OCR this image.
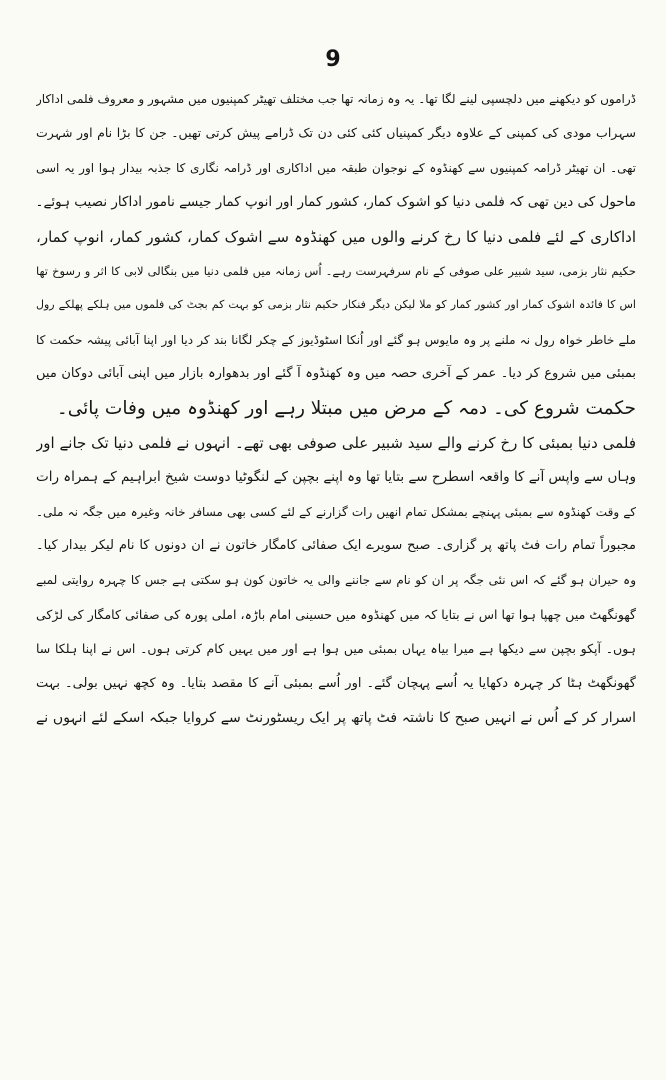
9
ڈراموں کو دیکھنے میں دلچسپی لینے لگا تھا۔ یہ وہ زمانہ تھا جب مختلف تھیٹر کمپنیوں میں مشہور و معروف فلمی اداکار
سہراب مودی کی کمپنی کے علاوہ دیگر کمپنیاں کئی کئی دن تک ڈرامے پیش کرتی تھیں۔ جن کا بڑا نام اور شہرت
تھی۔ ان تھیٹر ڈرامہ کمپنیوں سے کھنڈوہ کے نوجوان طبقہ میں اداکاری اور ڈرامہ نگاری کا جذبہ بیدار ہوا اور یہ اسی
ماحول کی دین تھی کہ فلمی دنیا کو اشوک کمار، کشور کمار اور انوپ کمار جیسے نامور اداکار نصیب ہوئے۔
اداکاری کے لئے فلمی دنیا کا رخ کرنے والوں میں کھنڈوہ سے اشوک کمار، کشور کمار، انوپ کمار،
حکیم نثار بزمی، سید شبیر علی صوفی کے نام سرفہرست رہے۔ اُس زمانہ میں فلمی دنیا میں بنگالی لابی کا اثر و رسوخ تھا
اس کا فائدہ اشوک کمار اور کشور کمار کو ملا لیکن دیگر فنکار حکیم نثار بزمی کو بہت کم بجٹ کی فلموں میں ہلکے پھلکے رول
ملے خاطر خواہ رول نہ ملنے پر وہ مایوس ہو گئے اور اُنکا اسٹوڈیوز کے چکر لگانا بند کر دیا اور اپنا آبائی پیشہ حکمت کا
بمبئی میں شروع کر دیا۔ عمر کے آخری حصہ میں وہ کھنڈوہ آ گئے اور بدھوارہ بازار میں اپنی آبائی دوکان میں
حکمت شروع کی۔ دمہ کے مرض میں مبتلا رہے اور کھنڈوہ میں وفات پائی۔
فلمی دنیا بمبئی کا رخ کرنے والے سید شبیر علی صوفی بھی تھے۔ انہوں نے فلمی دنیا تک جانے اور
وہاں سے واپس آنے کا واقعہ اسطرح سے بتایا تھا وہ اپنے بچپن کے لنگوٹیا دوست شیخ ابراہیم کے ہمراہ رات
کے وقت کھنڈوہ سے بمبئی پہنچے بمشکل تمام انھیں رات گزارنے کے لئے کسی بھی مسافر خانہ وغیرہ میں جگہ نہ ملی۔
مجبوراً تمام رات فٹ پاتھ پر گزاری۔ صبح سویرے ایک صفائی کامگار خاتون نے ان دونوں کا نام لیکر بیدار کیا۔
وہ حیران ہو گئے کہ اس نئی جگہ پر ان کو نام سے جاننے والی یہ خاتون کون ہو سکتی ہے جس کا چہرہ روایتی لمبے
گھونگھٹ میں چھپا ہوا تھا اس نے بتایا کہ میں کھنڈوہ میں حسینی امام باڑہ، املی پورہ کی صفائی کامگار کی لڑکی
ہوں۔ آپکو بچپن سے دیکھا ہے میرا بیاہ یہاں بمبئی میں ہوا ہے اور میں یہیں کام کرتی ہوں۔ اس نے اپنا ہلکا سا
گھونگھٹ ہٹا کر چہرہ دکھایا یہ اُسے پہچان گئے۔ اور اُسے بمبئی آنے کا مقصد بتایا۔ وہ کچھ نہیں بولی۔ بہت
اسرار کر کے اُس نے انہیں صبح کا ناشتہ فٹ پاتھ پر ایک ریسٹورنٹ سے کروایا جبکہ اسکے لئے انہوں نے
